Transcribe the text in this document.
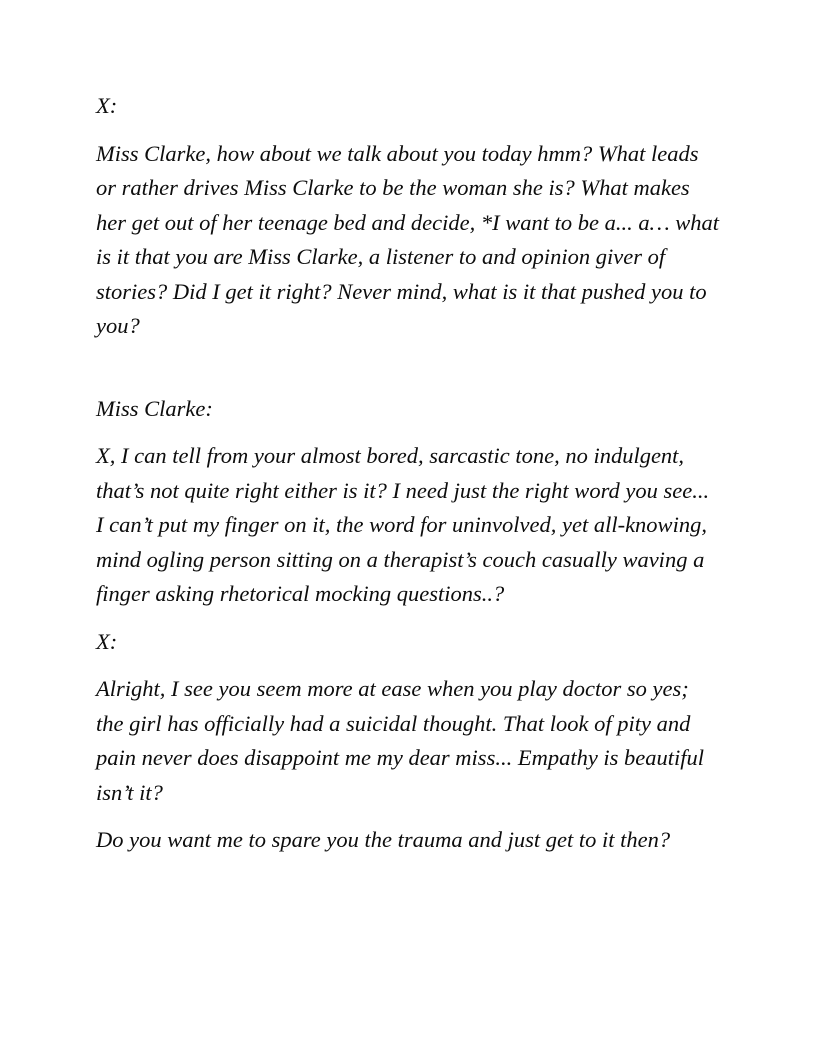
X:

Miss Clarke, how about we talk about you today hmm? What leads or rather drives Miss Clarke to be the woman she is? What makes her get out of her teenage bed and decide, *I want to be a... a… what is it that you are Miss Clarke, a listener to and opinion giver of stories? Did I get it right? Never mind, what is it that pushed you to you?

Miss Clarke:

X, I can tell from your almost bored, sarcastic tone, no indulgent, that’s not quite right either is it? I need just the right word you see... I can’t put my finger on it, the word for uninvolved, yet all-knowing, mind ogling person sitting on a therapist’s couch casually waving a finger asking rhetorical mocking questions..?

X:

Alright, I see you seem more at ease when you play doctor so yes; the girl has officially had a suicidal thought. That look of pity and pain never does disappoint me my dear miss... Empathy is beautiful isn’t it?

Do you want me to spare you the trauma and just get to it then?
